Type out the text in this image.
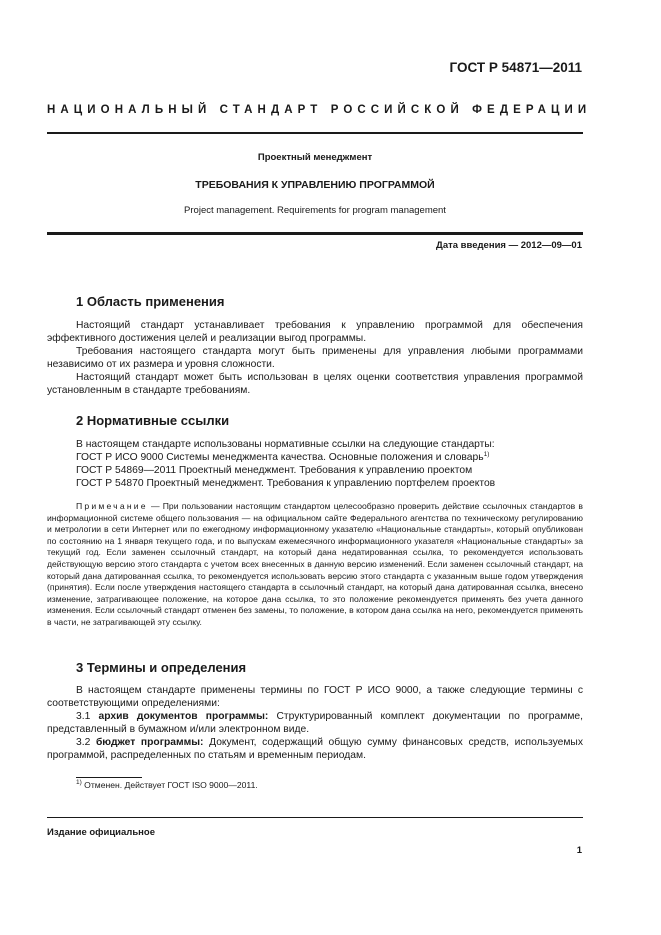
ГОСТ Р 54871—2011
НАЦИОНАЛЬНЫЙ СТАНДАРТ РОССИЙСКОЙ ФЕДЕРАЦИИ
Проектный менеджмент
ТРЕБОВАНИЯ К УПРАВЛЕНИЮ ПРОГРАММОЙ
Project management. Requirements for program management
Дата введения — 2012—09—01
1 Область применения

Настоящий стандарт устанавливает требования к управлению программой для обеспечения эффективного достижения целей и реализации выгод программы.

Требования настоящего стандарта могут быть применены для управления любыми программами независимо от их размера и уровня сложности.

Настоящий стандарт может быть использован в целях оценки соответствия управления программой установленным в стандарте требованиям.

2 Нормативные ссылки

В настоящем стандарте использованы нормативные ссылки на следующие стандарты:

ГОСТ Р ИСО 9000 Системы менеджмента качества. Основные положения и словарь$^{1)}$

ГОСТ Р 54869—2011 Проектный менеджмент. Требования к управлению проектом

ГОСТ Р 54870 Проектный менеджмент. Требования к управлению портфелем проектов

Примечание — При пользовании настоящим стандартом целесообразно проверить действие ссылочных стандартов в информационной системе общего пользования — на официальном сайте Федерального агентства по техническому регулированию и метрологии в сети Интернет или по ежегодному информационному указателю «Национальные стандарты», который опубликован по состоянию на 1 января текущего года, и по выпускам ежемесячного информационного указателя «Национальные стандарты» за текущий год. Если заменен ссылочный стандарт, на который дана недатированная ссылка, то рекомендуется использовать действующую версию этого стандарта с учетом всех внесенных в данную версию изменений. Если заменен ссылочный стандарт, на который дана датированная ссылка, то рекомендуется использовать версию этого стандарта с указанным выше годом утверждения (принятия). Если после утверждения настоящего стандарта в ссылочный стандарт, на который дана датированная ссылка, внесено изменение, затрагивающее положение, на которое дана ссылка, то это положение рекомендуется применять без учета данного изменения. Если ссылочный стандарт отменен без замены, то положение, в котором дана ссылка на него, рекомендуется применять в части, не затрагивающей эту ссылку.

3 Термины и определения

В настоящем стандарте применены термины по ГОСТ Р ИСО 9000, а также следующие термины с соответствующими определениями:

3.1 архив документов программы: Структурированный комплект документации по программе, представленный в бумажном и/или электронном виде.

3.2 бюджет программы: Документ, содержащий общую сумму финансовых средств, используемых программой, распределенных по статьям и временным периодам.

$^{1)}$ Отменен. Действует ГОСТ ISO 9000—2011.
Издание официальное
1
